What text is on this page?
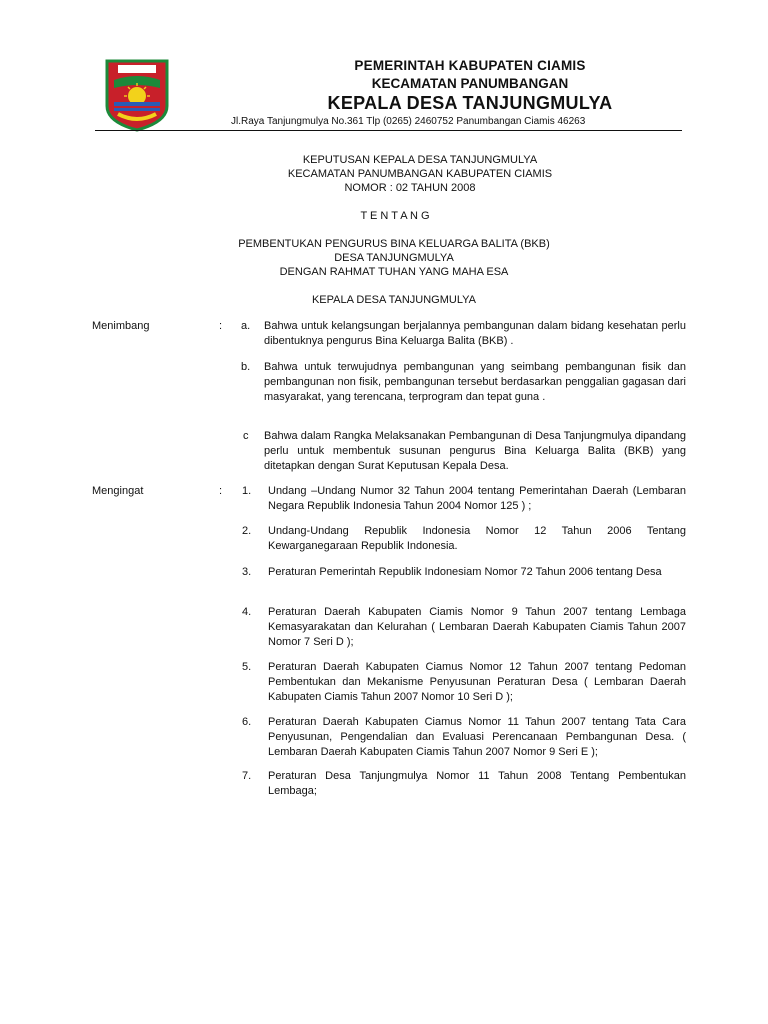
PEMERINTAH KABUPATEN CIAMIS
KECAMATAN PANUMBANGAN
KEPALA DESA TANJUNGMULYA
Jl.Raya Tanjungmulya No.361 Tlp (0265) 2460752 Panumbangan Ciamis 46263
KEPUTUSAN KEPALA DESA TANJUNGMULYA
KECAMATAN PANUMBANGAN KABUPATEN CIAMIS
NOMOR : 02 TAHUN 2008
T E N T A N G
PEMBENTUKAN PENGURUS BINA KELUARGA BALITA (BKB)
DESA TANJUNGMULYA
DENGAN RAHMAT TUHAN YANG MAHA ESA
KEPALA DESA TANJUNGMULYA
Menimbang	: a. Bahwa untuk kelangsungan berjalannya pembangunan dalam bidang kesehatan perlu dibentuknya pengurus Bina Keluarga Balita (BKB) .
b. Bahwa untuk terwujudnya pembangunan yang seimbang pembangunan fisik dan pembangunan non fisik, pembangunan tersebut berdasarkan penggalian gagasan dari masyarakat, yang terencana, terprogram dan tepat guna .
c Bahwa dalam Rangka Melaksanakan Pembangunan di Desa Tanjungmulya dipandang perlu untuk membentuk susunan pengurus Bina Keluarga Balita (BKB) yang ditetapkan dengan Surat Keputusan Kepala Desa.
Mengingat	: 1. Undang –Undang Numor 32 Tahun 2004 tentang Pemerintahan Daerah (Lembaran Negara Republik Indonesia Tahun 2004 Nomor 125 ) ;
2. Undang-Undang Republik Indonesia Nomor 12 Tahun 2006 Tentang Kewarganegaraan Republik Indonesia.
3. Peraturan Pemerintah Republik Indonesiam Nomor 72 Tahun 2006 tentang Desa
4. Peraturan Daerah Kabupaten Ciamis Nomor 9 Tahun 2007 tentang Lembaga Kemasyarakatan dan Kelurahan ( Lembaran Daerah Kabupaten Ciamis Tahun 2007 Nomor 7 Seri D );
5. Peraturan Daerah Kabupaten Ciamus Nomor 12 Tahun 2007 tentang Pedoman Pembentukan dan Mekanisme Penyusunan Peraturan Desa ( Lembaran Daerah Kabupaten Ciamis Tahun 2007 Nomor 10 Seri D );
6. Peraturan Daerah Kabupaten Ciamus Nomor 11 Tahun 2007 tentang Tata Cara Penyusunan, Pengendalian dan Evaluasi Perencanaan Pembangunan Desa. ( Lembaran Daerah Kabupaten Ciamis Tahun 2007 Nomor 9 Seri E );
7. Peraturan Desa Tanjungmulya Nomor 11 Tahun 2008 Tentang Pembentukan Lembaga;
